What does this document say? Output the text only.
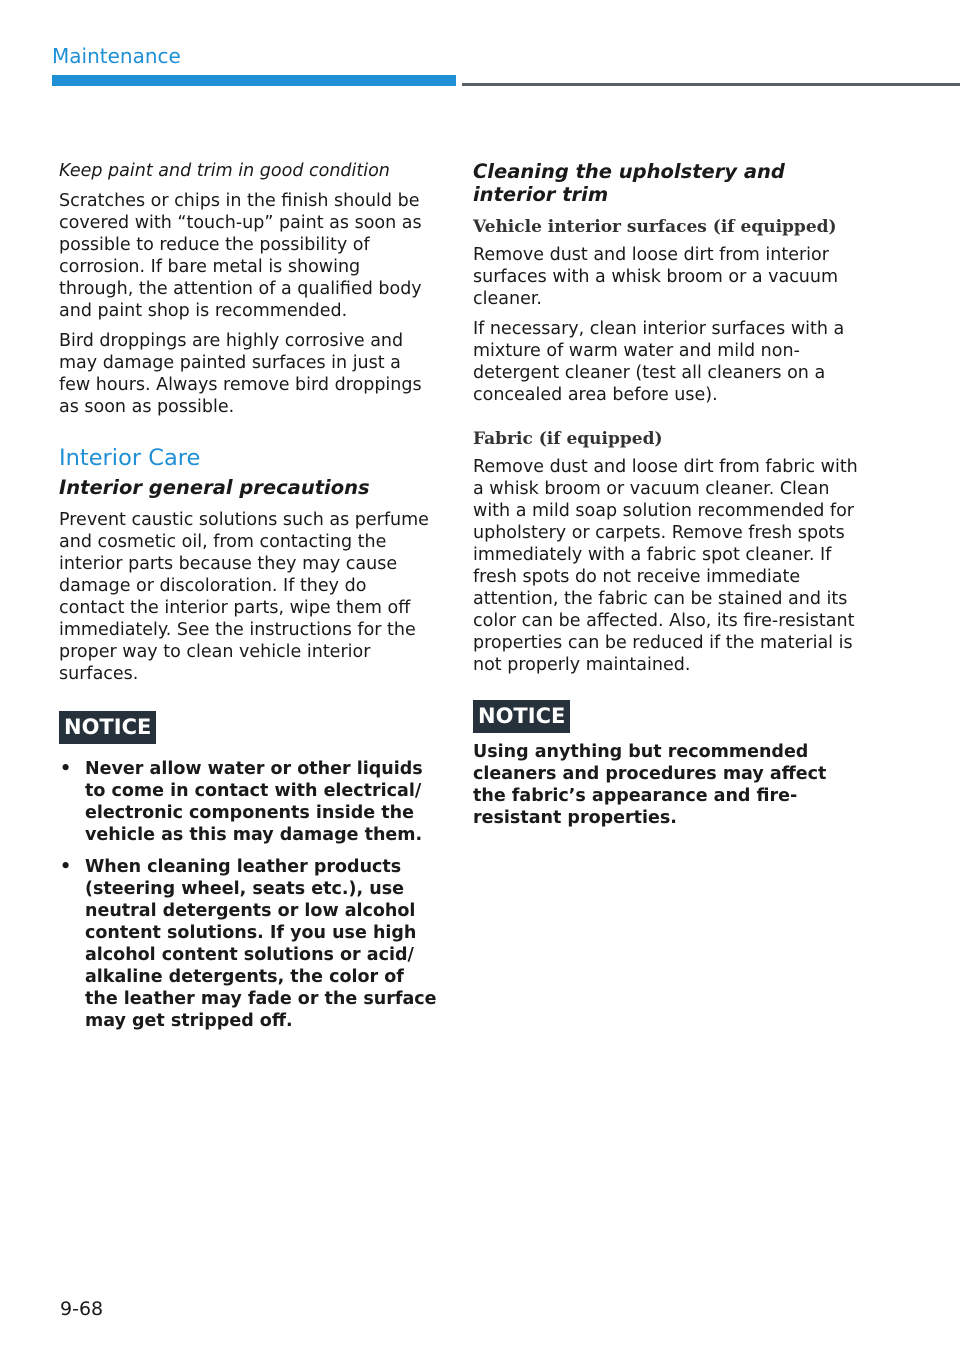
Maintenance

Keep paint and trim in good condition

Scratches or chips in the finish should be covered with “touch-up” paint as soon as possible to reduce the possibility of corrosion. If bare metal is showing through, the attention of a qualified body and paint shop is recommended.

Bird droppings are highly corrosive and may damage painted surfaces in just a few hours. Always remove bird droppings as soon as possible.

Interior Care
Interior general precautions

Prevent caustic solutions such as perfume and cosmetic oil, from contacting the interior parts because they may cause damage or discoloration. If they do contact the interior parts, wipe them off immediately. See the instructions for the proper way to clean vehicle interior surfaces.

NOTICE
• Never allow water or other liquids to come in contact with electrical/ electronic components inside the vehicle as this may damage them.
• When cleaning leather products (steering wheel, seats etc.), use neutral detergents or low alcohol content solutions. If you use high alcohol content solutions or acid/ alkaline detergents, the color of the leather may fade or the surface may get stripped off.
Cleaning the upholstery and interior trim
Vehicle interior surfaces (if equipped)

Remove dust and loose dirt from interior surfaces with a whisk broom or a vacuum cleaner.

If necessary, clean interior surfaces with a mixture of warm water and mild non-detergent cleaner (test all cleaners on a concealed area before use).

Fabric (if equipped)

Remove dust and loose dirt from fabric with a whisk broom or vacuum cleaner. Clean with a mild soap solution recommended for upholstery or carpets. Remove fresh spots immediately with a fabric spot cleaner. If fresh spots do not receive immediate attention, the fabric can be stained and its color can be affected. Also, its fire-resistant properties can be reduced if the material is not properly maintained.

NOTICE

Using anything but recommended cleaners and procedures may affect the fabric’s appearance and fire-resistant properties.

9-68
